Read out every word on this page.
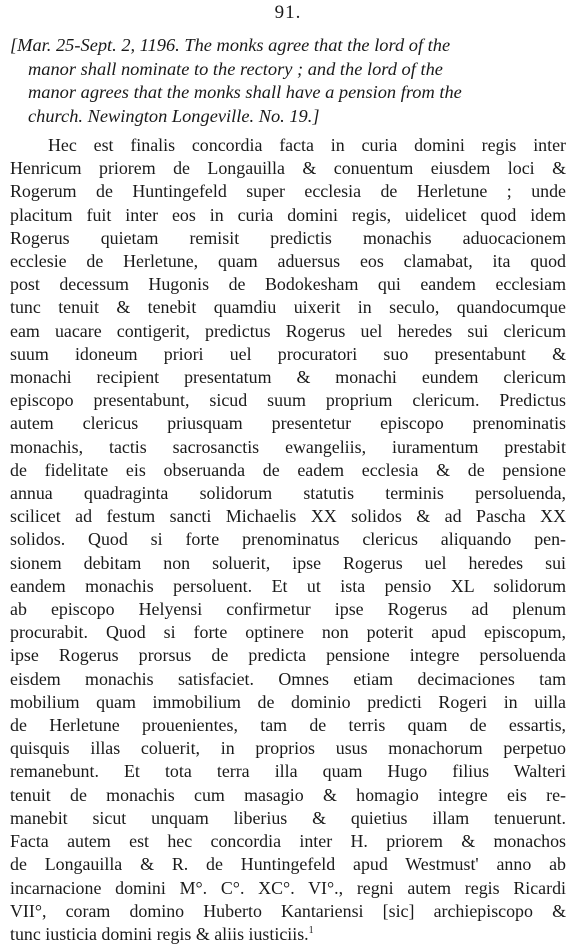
91.
[Mar. 25-Sept. 2, 1196. The monks agree that the lord of the
manor shall nominate to the rectory ; and the lord of the
manor agrees that the monks shall have a pension from the
church. Newington Longeville. No. 19.]
Hec est finalis concordia facta in curia domini regis inter
Henricum priorem de Longauilla & conuentum eiusdem loci &
Rogerum de Huntingefeld super ecclesia de Herletune ; unde
placitum fuit inter eos in curia domini regis, uidelicet quod idem
Rogerus quietam remisit predictis monachis aduocacionem
ecclesie de Herletune, quam aduersus eos clamabat, ita quod
post decessum Hugonis de Bodokesham qui eandem ecclesiam
tunc tenuit & tenebit quamdiu uixerit in seculo, quandocumque
eam uacare contigerit, predictus Rogerus uel heredes sui clericum
suum idoneum priori uel procuratori suo presentabunt &
monachi recipient presentatum & monachi eundem clericum
episcopo presentabunt, sicud suum proprium clericum. Predictus
autem clericus priusquam presentetur episcopo prenominatis
monachis, tactis sacrosanctis ewangeliis, iuramentum prestabit
de fidelitate eis obseruanda de eadem ecclesia & de pensione
annua quadraginta solidorum statutis terminis persoluenda,
scilicet ad festum sancti Michaelis XX solidos & ad Pascha XX
solidos. Quod si forte prenominatus clericus aliquando pen-
sionem debitam non soluerit, ipse Rogerus uel heredes sui
eandem monachis persoluent. Et ut ista pensio XL solidorum
ab episcopo Helyensi confirmetur ipse Rogerus ad plenum
procurabit. Quod si forte optinere non poterit apud episcopum,
ipse Rogerus prorsus de predicta pensione integre persoluenda
eisdem monachis satisfaciet. Omnes etiam decimaciones tam
mobilium quam immobilium de dominio predicti Rogeri in uilla
de Herletune prouenientes, tam de terris quam de essartis,
quisquis illas coluerit, in proprios usus monachorum perpetuo
remanebunt. Et tota terra illa quam Hugo filius Walteri
tenuit de monachis cum masagio & homagio integre eis re-
manebit sicut unquam liberius & quietius illam tenuerunt.
Facta autem est hec concordia inter H. priorem & monachos
de Longauilla & R. de Huntingefeld apud Westmust' anno ab
incarnacione domini M°. C°. XC°. VI°., regni autem regis Ricardi
VII°, coram domino Huberto Kantariensi [sic] archiepiscopo &
tunc iusticia domini regis & aliis iusticiis.$^1$
